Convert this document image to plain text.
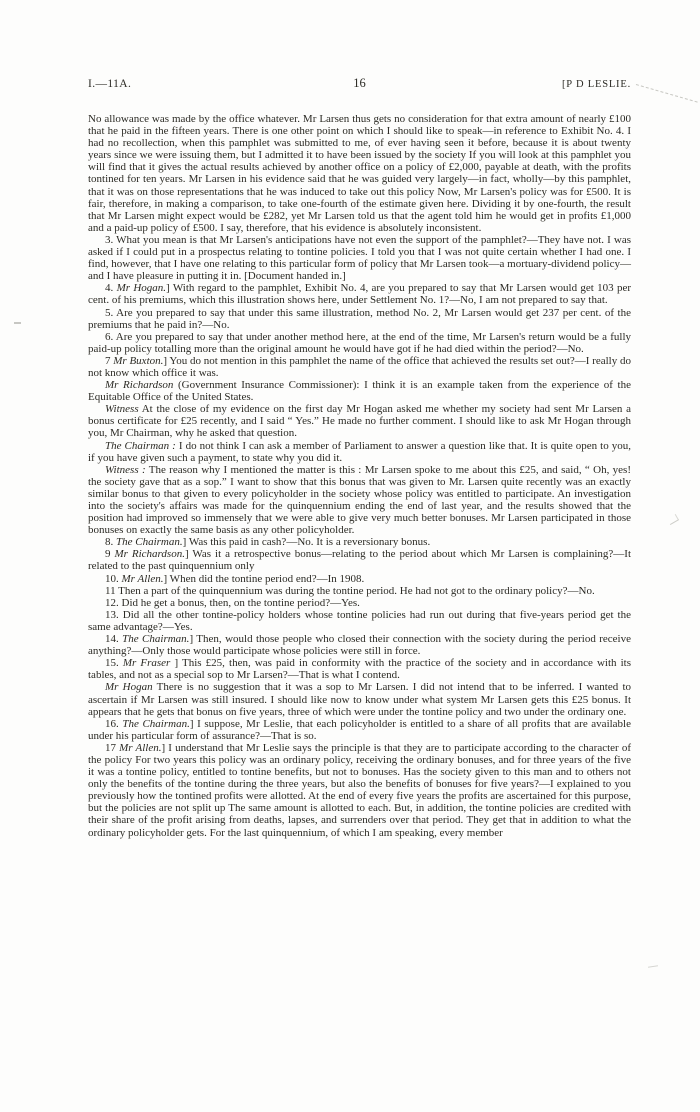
I.—11A.	16	[P D LESLIE.

No allowance was made by the office whatever. Mr Larsen thus gets no consideration for that extra amount of nearly £100 that he paid in the fifteen years. There is one other point on which I should like to speak—in reference to Exhibit No. 4. I had no recollection, when this pamphlet was submitted to me, of ever having seen it before, because it is about twenty years since we were issuing them, but I admitted it to have been issued by the society If you will look at this pamphlet you will find that it gives the actual results achieved by another office on a policy of £2,000, payable at death, with the profits tontined for ten years. Mr Larsen in his evidence said that he was guided very largely—in fact, wholly—by this pamphlet, that it was on those representations that he was induced to take out this policy Now, Mr Larsen's policy was for £500. It is fair, therefore, in making a comparison, to take one-fourth of the estimate given here. Dividing it by one-fourth, the result that Mr Larsen might expect would be £282, yet Mr Larsen told us that the agent told him he would get in profits £1,000 and a paid-up policy of £500. I say, therefore, that his evidence is absolutely inconsistent.

3. What you mean is that Mr Larsen's anticipations have not even the support of the pamphlet?—They have not. I was asked if I could put in a prospectus relating to tontine policies. I told you that I was not quite certain whether I had one. I find, however, that I have one relating to this particular form of policy that Mr Larsen took—a mortuary-dividend policy—and I have pleasure in putting it in. [Document handed in.]

4. Mr Hogan.] With regard to the pamphlet, Exhibit No. 4, are you prepared to say that Mr Larsen would get 103 per cent. of his premiums, which this illustration shows here, under Settlement No. 1?—No, I am not prepared to say that.

5. Are you prepared to say that under this same illustration, method No. 2, Mr Larsen would get 237 per cent. of the premiums that he paid in?—No.

6. Are you prepared to say that under another method here, at the end of the time, Mr Larsen's return would be a fully paid-up policy totalling more than the original amount he would have got if he had died within the period?—No.

7 Mr Buxton.] You do not mention in this pamphlet the name of the office that achieved the results set out?—I really do not know which office it was.

Mr Richardson (Government Insurance Commissioner): I think it is an example taken from the experience of the Equitable Office of the United States.

Witness At the close of my evidence on the first day Mr Hogan asked me whether my society had sent Mr Larsen a bonus certificate for £25 recently, and I said “ Yes.” He made no further comment. I should like to ask Mr Hogan through you, Mr Chairman, why he asked that question.

The Chairman : I do not think I can ask a member of Parliament to answer a question like that. It is quite open to you, if you have given such a payment, to state why you did it.

Witness : The reason why I mentioned the matter is this : Mr Larsen spoke to me about this £25, and said, “ Oh, yes! the society gave that as a sop.” I want to show that this bonus that was given to Mr. Larsen quite recently was an exactly similar bonus to that given to every policyholder in the society whose policy was entitled to participate. An investigation into the society's affairs was made for the quinquennium ending the end of last year, and the results showed that the position had improved so immensely that we were able to give very much better bonuses. Mr Larsen participated in those bonuses on exactly the same basis as any other policyholder.

8. The Chairman.] Was this paid in cash?—No. It is a reversionary bonus.

9 Mr Richardson.] Was it a retrospective bonus—relating to the period about which Mr Larsen is complaining?—It related to the past quinquennium only

10. Mr Allen.] When did the tontine period end?—In 1908.

11 Then a part of the quinquennium was during the tontine period. He had not got to the ordinary policy?—No.

12. Did he get a bonus, then, on the tontine period?—Yes.

13. Did all the other tontine-policy holders whose tontine policies had run out during that five-years period get the same advantage?—Yes.

14. The Chairman.] Then, would those people who closed their connection with the society during the period receive anything?—Only those would participate whose policies were still in force.

15. Mr Fraser ] This £25, then, was paid in conformity with the practice of the society and in accordance with its tables, and not as a special sop to Mr Larsen?—That is what I contend.

Mr Hogan There is no suggestion that it was a sop to Mr Larsen. I did not intend that to be inferred. I wanted to ascertain if Mr Larsen was still insured. I should like now to know under what system Mr Larsen gets this £25 bonus. It appears that he gets that bonus on five years, three of which were under the tontine policy and two under the ordinary one.

16. The Chairman.] I suppose, Mr Leslie, that each policyholder is entitled to a share of all profits that are available under his particular form of assurance?—That is so.

17 Mr Allen.] I understand that Mr Leslie says the principle is that they are to participate according to the character of the policy For two years this policy was an ordinary policy, receiving the ordinary bonuses, and for three years of the five it was a tontine policy, entitled to tontine benefits, but not to bonuses. Has the society given to this man and to others not only the benefits of the tontine during the three years, but also the benefits of bonuses for five years?—I explained to you previously how the tontined profits were allotted. At the end of every five years the profits are ascertained for this purpose, but the policies are not split up The same amount is allotted to each. But, in addition, the tontine policies are credited with their share of the profit arising from deaths, lapses, and surrenders over that period. They get that in addition to what the ordinary policyholder gets. For the last quinquennium, of which I am speaking, every member
